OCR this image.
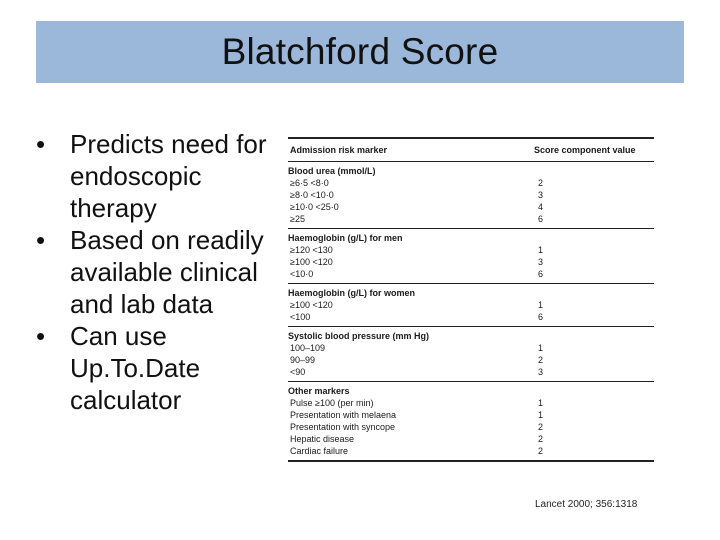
Blatchford Score
• Predicts need for endoscopic therapy
• Based on readily available clinical and lab data
• Can use Up.To.Date calculator
Admission risk marker	Score component value
Blood urea (mmol/L)
≥6·5 <8·0	2
≥8·0 <10·0	3
≥10·0 <25·0	4
≥25	6
Haemoglobin (g/L) for men
≥120 <130	1
≥100 <120	3
<10·0	6
Haemoglobin (g/L) for women
≥100 <120	1
<100	6
Systolic blood pressure (mm Hg)
100–109	1
90–99	2
<90	3
Other markers
Pulse ≥100 (per min)	1
Presentation with melaena	1
Presentation with syncope	2
Hepatic disease	2
Cardiac failure	2
Lancet 2000; 356:1318
